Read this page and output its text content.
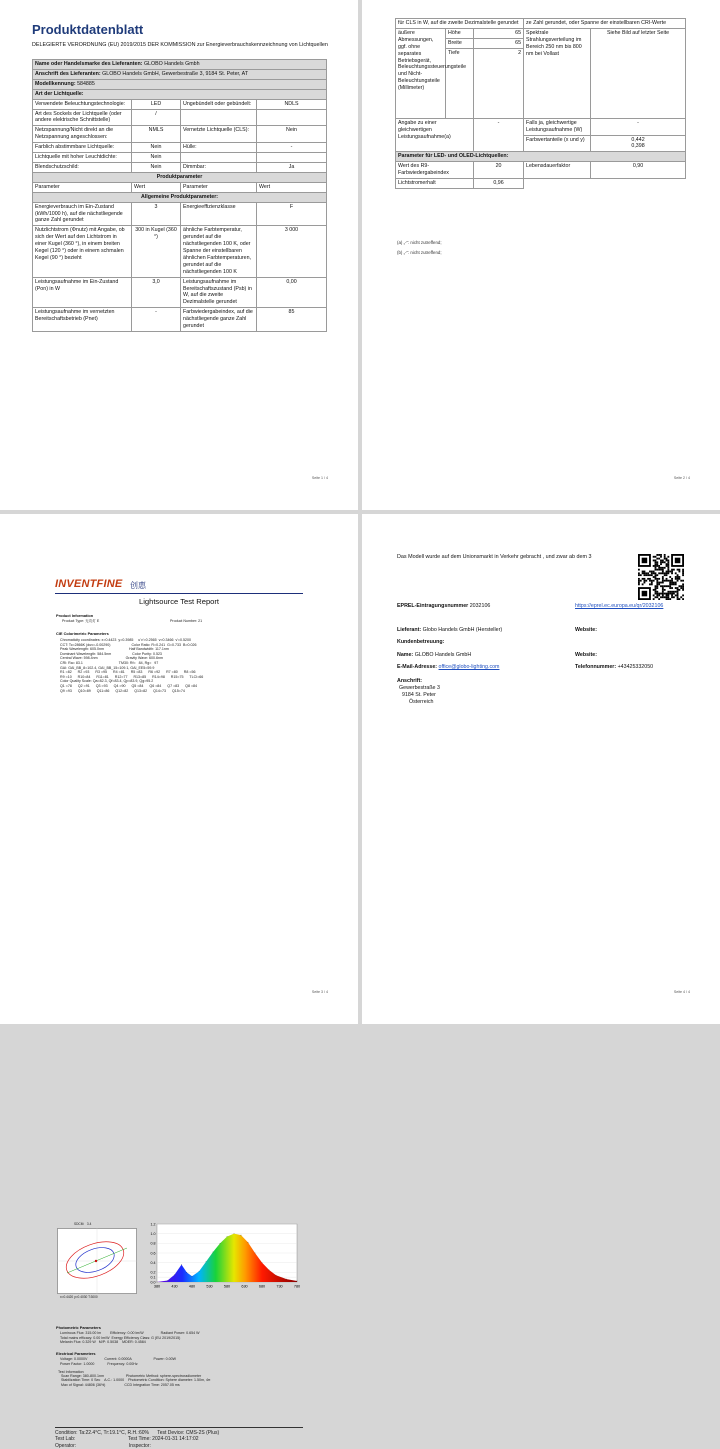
Produktdatenblatt
DELEGIERTE VERORDNUNG (EU) 2019/2015 DER KOMMISSION zur Energieverbrauchskennzeichnung von Lichtquellen
Name oder Handelsmarke des Lieferanten: GLOBO Handels Gmbh			
Anschrift des Lieferanten: GLOBO Handels GmbH, Gewerbestraße 3, 9184 St. Peter, AT			
Modellkennung: 584885			
Art der Lichtquelle:			
Verwendete Beleuchtungstechnologie:	LED	Ungebündelt oder gebündelt:	NDLS
Art des Sockels der Lichtquelle (oder andere elektrische Schnittstelle)	/		
Netzspannung/Nicht direkt an die Netzspannung angeschlossen:	NMLS	Vernetzte Lichtquelle (CLS):	Nein
Farblich abstimmbare Lichtquelle:	Nein	Hülle:	-
Lichtquelle mit hoher Leuchtdichte:	Nein		
Blendschutzschild:	Nein	Dimmbar:	Ja
Produktparameter			
Parameter	Wert	Parameter	Wert
Allgemeine Produktparameter:			
Energieverbrauch im Ein-Zustand (kWh/1000 h), auf die nächstliegende ganze Zahl gerundet	3	Energieeffizienzklasse	F
Nutzlichtstrom (Φnutz) mit Angabe, ob sich der Wert auf den Lichtstrom in einer Kugel (360 °), in einem breiten Kegel (120 °) oder in einem schmalen Kegel (90 °) bezieht	300 in Kugel (360 °)	ähnliche Farbtemperatur, gerundet auf die nächstliegenden 100 K, oder Spanne der einstellbaren ähnlichen Farbtemperaturen, gerundet auf die nächstliegenden 100 K	3 000
Leistungsaufnahme im Ein-Zustand (Pon) in W	3,0	Leistungsaufnahme im Bereitschaftszustand (Psb) in W, auf die zweite Dezimalstelle gerundet	0,00
Leistungsaufnahme im vernetzten Bereitschaftsbetrieb (Pnet)	-	Farbwiedergabeindex, auf die nächstliegende ganze Zahl gerundet	85
Seite 1 / 4
für CLS in W, auf die zweite Dezimalstelle gerundet			ze Zahl gerundet, oder Spanne der einstellbaren CRI-Werte	
äußere Abmessungen, ggf. ohne separates Betriebsgerät, Beleuchtungssteuerungsteile und Nicht-Beleuchtungsteile (Millimeter)	Höhe	65	Spektrale Strahlungsverteilung im Bereich 250 nm bis 800 nm bei Vollast	Siehe Bild auf letzter Seite
	Breite	65		
	Tiefe	2		
Angabe zu einer gleichwertigen Leistungsaufnahme(a)		-	Falls ja, gleichwertige Leistungsaufnahme (W)	-
			Farbwertanteile (x und y)	0,442
0,398

Parameter für LED- und OLED-Lichtquellen:				
Wert des R9-Farbwiedergabeindex		20	Lebensdauerfaktor	0,90
Lichtstromerhalt		0,96		
(a) „-“: nicht zutreffend;
(b) „-“: nicht zutreffend;
Seite 2 / 4
INVENTFINE 创惠
Lightsource Test Report
Product Information
Product Type: 无功灯 E	Product Number: 21
CIE Colorimetric Parameters
Chromaticity coordinates: x=0.4423  y=0.3985     u'v'=0.2565  v=0.3466  v'=0.5200
CCT: Tc=2866K (duv=-0.00290)                     Color Ratio: R=0.241  G=0.733  B=0.026
Peak Wavelength: 605.0nm                         Half Bandwidth: 117.1nm
Dominant Wavelength: 584.5nm                     Color Purity: 0.523
Central Wave: 598.4nm                            Gravity Wave: 600.6nm
CRI: Ra= 83.1                                    TM30: Rf=   84, Rg=   97
GAI: GAI_BB_8=102.4, GAI_BB_15=109.1, GAI_EE5=59.9
R1 =82      R2 =93      R3 =95      R4 =81      R5 =83      R6 =92      R7 =80      R8 =56
R9 =10      R10=84      R11=81      R12=77      R13=85      R14=98      R15=75      TLCI=66
Color Quality Scale: Qa=82.3, Qf=83.4, Qp=83.9, Qg=95.2
Q1 =78      Q2 =91      Q3 =93      Q4 =90      Q5 =84      Q6 =84      Q7 =83      Q8 =84
Q9 =93      Q10=89      Q11=86      Q12=82      Q13=82      Q14=73      Q15=74
SDCM:   3.4
x=0.4420 y=0.4030 T:3000
380	430	480	530	580	630	680	730	780
0.0
0.1
0.2
0.4
0.6
0.8
1.0
1.2
Photometric Parameters
Luminous Flux: 315.00 lm         Efficiency: 0.00 lm/W                 Radiant Power: 0.654 W
Total mains efficacy: 0.00 lm/W  Energy Efficiency Class: G (EU 2019/2015)
Melanin Flux: 0.329 W   M/P: 0.5038    MDER: 0.4584
Electrical Parameters
Voltage: 0.0000V                 Current: 0.0000A                      Power: 0.00W
Power Factor: 1.0000             Frequency: 0.00Hz
Test Information
Scan Range: 380-800.1nm                      Photometric Method: sphere-spectroradiometer
Stabilization Time: 0 Sec    A.C.: 1.0000    Photometric Condition: Sphere diameter: 1.50m, 4π
Max of Signal: 44806 (36%)                   CCD Integration Time: 2057.05 ms
Condition: Ta:22.4°C, Tr:19.1°C, R.H.:60%      Test Device: CMS-2S (Plus)
Test Lab:                                      Test Time: 2024-01-31 14:17:02
Operator:                                      Inspector:
Seite 3 / 4
Das Modell wurde auf dem Unionsmarkt in Verkehr gebracht , und zwar ab dem 3
EPREL-Eintragungsnummer 2032106	https://eprel.ec.europa.eu/qr/2032106
Lieferant: Globo Handels GmbH (Hersteller)	Website:
Kundenbetreuung:
Name: GLOBO Handels GmbH	Website:
E-Mail-Adresse: office@globo-lighting.com	Telefonnummer: +43425332050
Anschrift:
Gewerbestraße 3
9184 St. Peter
Österreich
Seite 4 / 4
